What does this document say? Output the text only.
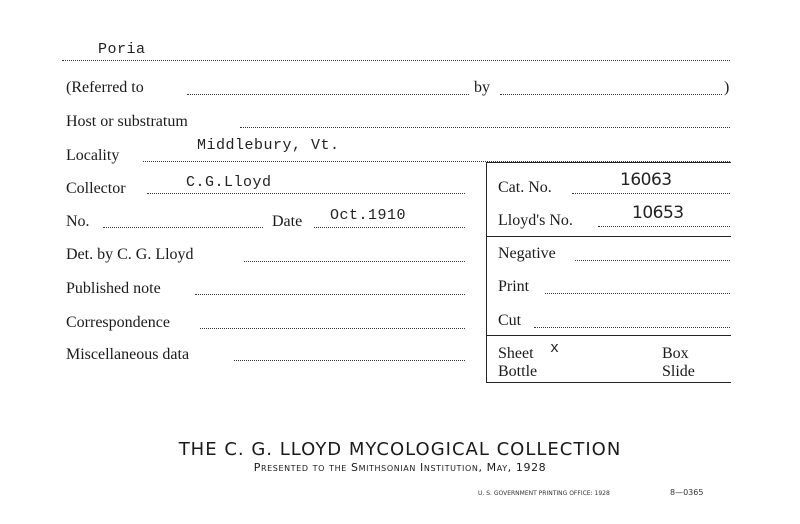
Poria
(Referred to	by	)
Host or substratum
Locality
Middlebury, Vt.
Collector	C.G.Lloyd	Cat. No.	16063
No.	Date Oct.1910	Lloyd's No.	10653
Det. by C. G. Lloyd	Negative
Published note	Print
Correspondence	Cut
Miscellaneous data	Sheet x	Box
Bottle	Slide
THE C. G. LLOYD MYCOLOGICAL COLLECTION
Presented to the Smithsonian Institution, May, 1928
U. S. GOVERNMENT PRINTING OFFICE: 1928	8—0365
